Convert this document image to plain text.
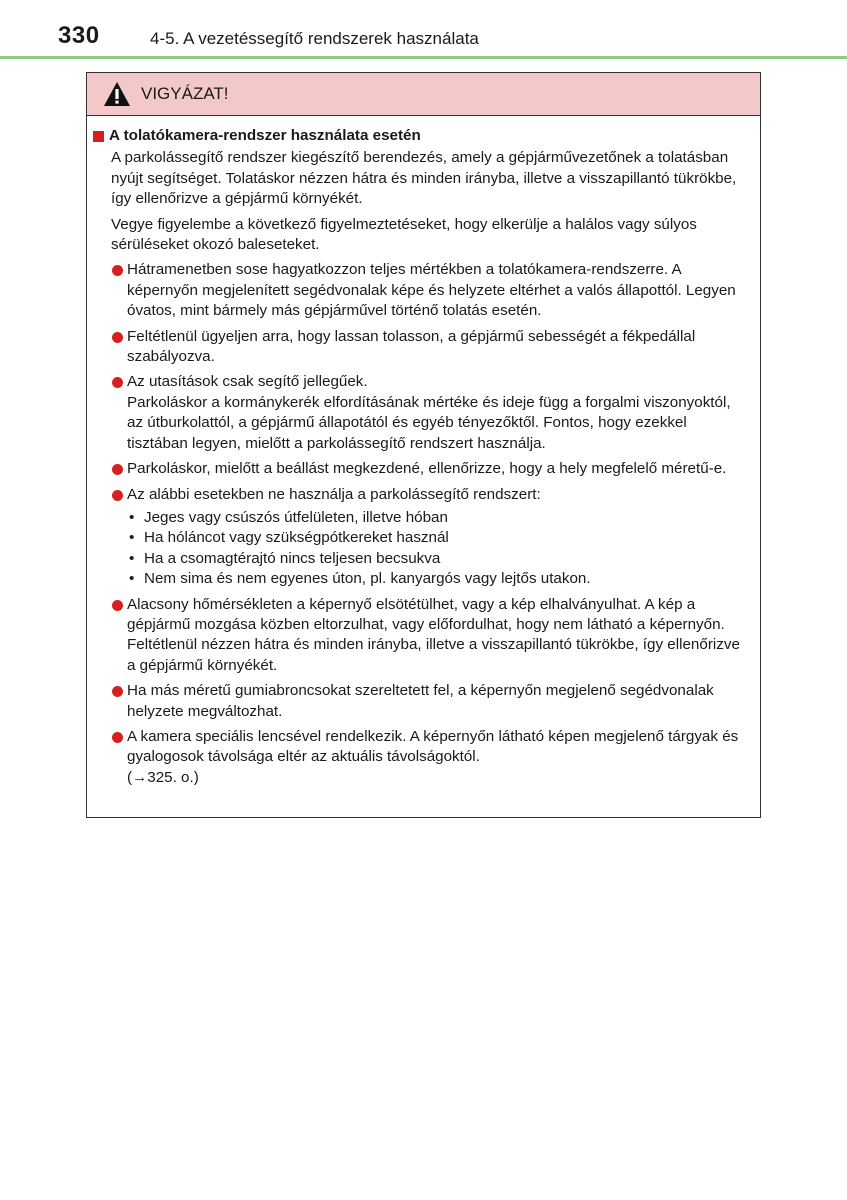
330	4-5. A vezetéssegítő rendszerek használata
VIGYÁZAT!
A tolatókamera-rendszer használata esetén
A parkolássegítő rendszer kiegészítő berendezés, amely a gépjárművezetőnek a tolatásban nyújt segítséget. Tolatáskor nézzen hátra és minden irányba, illetve a visszapillantó tükrökbe, így ellenőrizve a gépjármű környékét.
Vegye figyelembe a következő figyelmeztetéseket, hogy elkerülje a halálos vagy súlyos sérüléseket okozó baleseteket.
Hátramenetben sose hagyatkozzon teljes mértékben a tolatókamera-rendszerre. A képernyőn megjelenített segédvonalak képe és helyzete eltérhet a valós állapottól. Legyen óvatos, mint bármely más gépjárművel történő tolatás esetén.
Feltétlenül ügyeljen arra, hogy lassan tolasson, a gépjármű sebességét a fékpedállal szabályozva.
Az utasítások csak segítő jellegűek.
Parkoláskor a kormánykerék elfordításának mértéke és ideje függ a forgalmi viszonyoktól, az útburkolattól, a gépjármű állapotától és egyéb tényezőktől. Fontos, hogy ezekkel tisztában legyen, mielőtt a parkolássegítő rendszert használja.
Parkoláskor, mielőtt a beállást megkezdené, ellenőrizze, hogy a hely megfelelő méretű-e.
Az alábbi esetekben ne használja a parkolássegítő rendszert:
• Jeges vagy csúszós útfelületen, illetve hóban
• Ha hóláncot vagy szükségpótkereket használ
• Ha a csomagtérajtó nincs teljesen becsukva
• Nem sima és nem egyenes úton, pl. kanyargós vagy lejtős utakon.
Alacsony hőmérsékleten a képernyő elsötétülhet, vagy a kép elhalványulhat. A kép a gépjármű mozgása közben eltorzulhat, vagy előfordulhat, hogy nem látható a képernyőn. Feltétlenül nézzen hátra és minden irányba, illetve a visszapillantó tükrökbe, így ellenőrizve a gépjármű környékét.
Ha más méretű gumiabroncsokat szereltetett fel, a képernyőn megjelenő segédvonalak helyzete megváltozhat.
A kamera speciális lencsével rendelkezik. A képernyőn látható képen megjelenő tárgyak és gyalogosok távolsága eltér az aktuális távolságoktól.
(→325. o.)
